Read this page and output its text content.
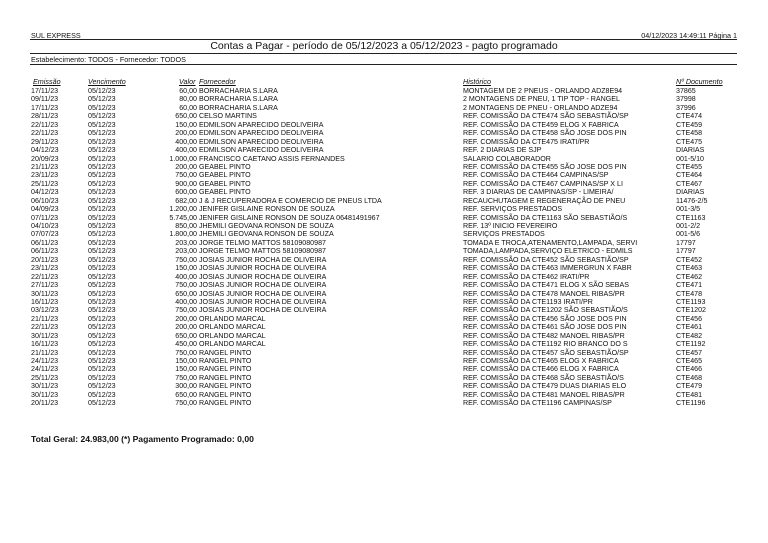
SUL EXPRESS	04/12/2023 14:49:11 Página 1
Contas a Pagar - período de 05/12/2023 a 05/12/2023 - pagto programado
Estabelecimento: TODOS - Fornecedor: TODOS
Emissão	Vencimento	Valor Fornecedor	Histórico	Nº Documento
17/11/23	05/12/23	60,00 BORRACHARIA S.LARA	MONTAGEM DE 2 PNEUS - ORLANDO ADZ8E94	37865
09/11/23	05/12/23	80,00 BORRACHARIA S.LARA	2 MONTAGENS DE PNEU, 1 TIP TOP - RANGEL	37998
17/11/23	05/12/23	60,00 BORRACHARIA S.LARA	2 MONTAGENS DE PNEU - ORLANDO ADZE94	37996
28/11/23	05/12/23	650,00 CELSO MARTINS	REF. COMISSÃO DA CTE474 SÃO SEBASTIÃO/SP	CTE474
22/11/23	05/12/23	150,00 EDMILSON APARECIDO DEOLIVEIRA	REF. COMISSÃO DA CTE459 ELOG X FABRICA	CTE459
22/11/23	05/12/23	200,00 EDMILSON APARECIDO DEOLIVEIRA	REF. COMISSÃO DA CTE458 SÃO JOSE DOS PIN	CTE458
29/11/23	05/12/23	400,00 EDMILSON APARECIDO DEOLIVEIRA	REF. COMISSÃO DA CTE475 IRATI/PR	CTE475
04/12/23	05/12/23	400,00 EDMILSON APARECIDO DEOLIVEIRA	REF. 2 DIARIAS DE SJP	DIARIAS
20/09/23	05/12/23	1.000,00 FRANCISCO CAETANO ASSIS FERNANDES	SALARIO COLABORADOR	001-5/10
21/11/23	05/12/23	200,00 GEABEL PINTO	REF. COMISSÃO DA CTE455 SÃO JOSE DOS PIN	CTE455
23/11/23	05/12/23	750,00 GEABEL PINTO	REF. COMISSÃO DA CTE464 CAMPINAS/SP	CTE464
25/11/23	05/12/23	900,00 GEABEL PINTO	REF. COMISSÃO DA CTE467 CAMPINAS/SP X LI	CTE467
04/12/23	05/12/23	600,00 GEABEL PINTO	REF. 3 DIARIAS DE CAMPINAS/SP - LIMEIRA/	DIARIAS
06/10/23	05/12/23	682,00 J & J RECUPERADORA E COMERCIO DE PNEUS LTDA	RECAUCHUTAGEM E REGENERAÇÃO DE PNEU	11476-2/5
04/09/23	05/12/23	1.200,00 JENIFER GISLAINE RONSON DE SOUZA	REF. SERVIÇOS PRESTADOS	001-3/5
07/11/23	05/12/23	5.745,00 JENIFER GISLAINE RONSON DE SOUZA 06481491967	REF. COMISSÃO DA CTE1163 SÃO SEBASTIÃO/S	CTE1163
04/10/23	05/12/23	850,00 JHEMILI GEOVANA RONSON DE SOUZA	REF. 13º INICIO FEVEREIRO	001-2/2
07/07/23	05/12/23	1.800,00 JHEMILI GEOVANA RONSON DE SOUZA	SERVIÇOS PRESTADOS	001-5/6
06/11/23	05/12/23	203,00 JORGE TELMO MATTOS 58109080987	TOMADA E TROCA,ATENAMENTO,LAMPADA, SERVI	17797
06/11/23	05/12/23	203,00 JORGE TELMO MATTOS 58109080987	TOMADA,LAMPADA,SERVIÇO ELETRICO - EDMILS	17797
20/11/23	05/12/23	750,00 JOSIAS JUNIOR ROCHA DE OLIVEIRA	REF. COMISSÃO DA CTE452 SÃO SEBASTIÃO/SP	CTE452
23/11/23	05/12/23	150,00 JOSIAS JUNIOR ROCHA DE OLIVEIRA	REF. COMISSÃO DA CTE463 IMMERGRUN X FABR	CTE463
22/11/23	05/12/23	400,00 JOSIAS JUNIOR ROCHA DE OLIVEIRA	REF. COMISSÃO DA CTE462 IRATI/PR	CTE462
27/11/23	05/12/23	750,00 JOSIAS JUNIOR ROCHA DE OLIVEIRA	REF. COMISSÃO DA CTE471 ELOG X SÃO SEBAS	CTE471
30/11/23	05/12/23	650,00 JOSIAS JUNIOR ROCHA DE OLIVEIRA	REF. COMISSÃO DA CTE478 MANOEL RIBAS/PR	CTE478
16/11/23	05/12/23	400,00 JOSIAS JUNIOR ROCHA DE OLIVEIRA	REF. COMISSÃO DA CTE1193 IRATI/PR	CTE1193
03/12/23	05/12/23	750,00 JOSIAS JUNIOR ROCHA DE OLIVEIRA	REF. COMISSÃO DA CTE1202 SÃO SEBASTIÃO/S	CTE1202
21/11/23	05/12/23	200,00 ORLANDO MARCAL	REF. COMISSÃO DA CTE456 SÃO JOSE DOS PIN	CTE456
22/11/23	05/12/23	200,00 ORLANDO MARCAL	REF. COMISSÃO DA CTE461 SÃO JOSE DOS PIN	CTE461
30/11/23	05/12/23	650,00 ORLANDO MARCAL	REF. COMISSÃO DA CTE482 MANOEL RIBAS/PR	CTE482
16/11/23	05/12/23	450,00 ORLANDO MARCAL	REF. COMISSÃO DA CTE1192 RIO BRANCO DO S	CTE1192
21/11/23	05/12/23	750,00 RANGEL PINTO	REF. COMISSÃO DA CTE457 SÃO SEBASTIÃO/SP	CTE457
24/11/23	05/12/23	150,00 RANGEL PINTO	REF. COMISSÃO DA CTE465 ELOG X FABRICA	CTE465
24/11/23	05/12/23	150,00 RANGEL PINTO	REF. COMISSÃO DA CTE466 ELOG X FABRICA	CTE466
25/11/23	05/12/23	750,00 RANGEL PINTO	REF. COMISSÃO DA CTE468 SÃO SEBASTIÃO/S	CTE468
30/11/23	05/12/23	300,00 RANGEL PINTO	REF. COMISSÃO DA CTE479 DUAS DIARIAS ELO	CTE479
30/11/23	05/12/23	650,00 RANGEL PINTO	REF. COMISSÃO DA CTE481 MANOEL RIBAS/PR	CTE481
20/11/23	05/12/23	750,00 RANGEL PINTO	REF. COMISSÃO DA CTE1196 CAMPINAS/SP	CTE1196
Total Geral: 24.983,00 (*) Pagamento Programado: 0,00
